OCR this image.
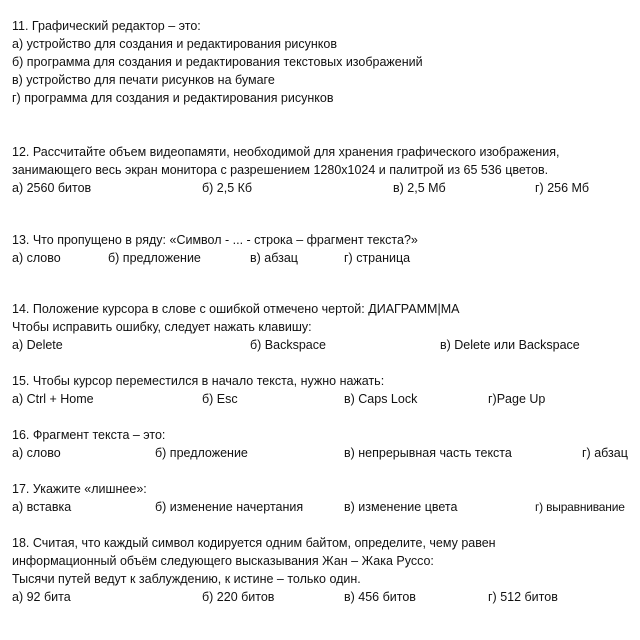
11. Графический редактор – это:
а) устройство для создания и редактирования рисунков
б) программа для создания и редактирования текстовых изображений
в) устройство для печати рисунков на бумаге
г) программа для создания и редактирования рисунков
12. Рассчитайте объем видеопамяти, необходимой для хранения графического изображения,
занимающего весь экран монитора с разрешением 1280x1024 и палитрой из 65 536 цветов.
а) 2560 битов	б) 2,5 Кб	в) 2,5 Мб	г) 256 Мб
13. Что пропущено в ряду: «Символ - ... - строка – фрагмент текста?»
а) слово	б) предложение	в) абзац	г) страница
14. Положение курсора в слове с ошибкой отмечено чертой: ДИАГРАММ|МА
Чтобы исправить ошибку, следует нажать клавишу:
а) Delete	б) Backspace	в) Delete или Backspace
15. Чтобы курсор переместился в начало текста, нужно нажать:
а) Ctrl + Home	б) Esc	в) Caps Lock	г)Page Up
16. Фрагмент текста – это:
а) слово	б) предложение	в) непрерывная часть текста	г) абзац
17. Укажите «лишнее»:
а) вставка	б) изменение начертания	в) изменение цвета	г) выравнивание
18. Считая, что каждый символ кодируется одним байтом, определите, чему равен
информационный объём следующего высказывания Жан – Жака Руссо:
Тысячи путей ведут к заблуждению, к истине – только один.
а) 92 бита	б) 220 битов	в) 456 битов	г) 512 битов
